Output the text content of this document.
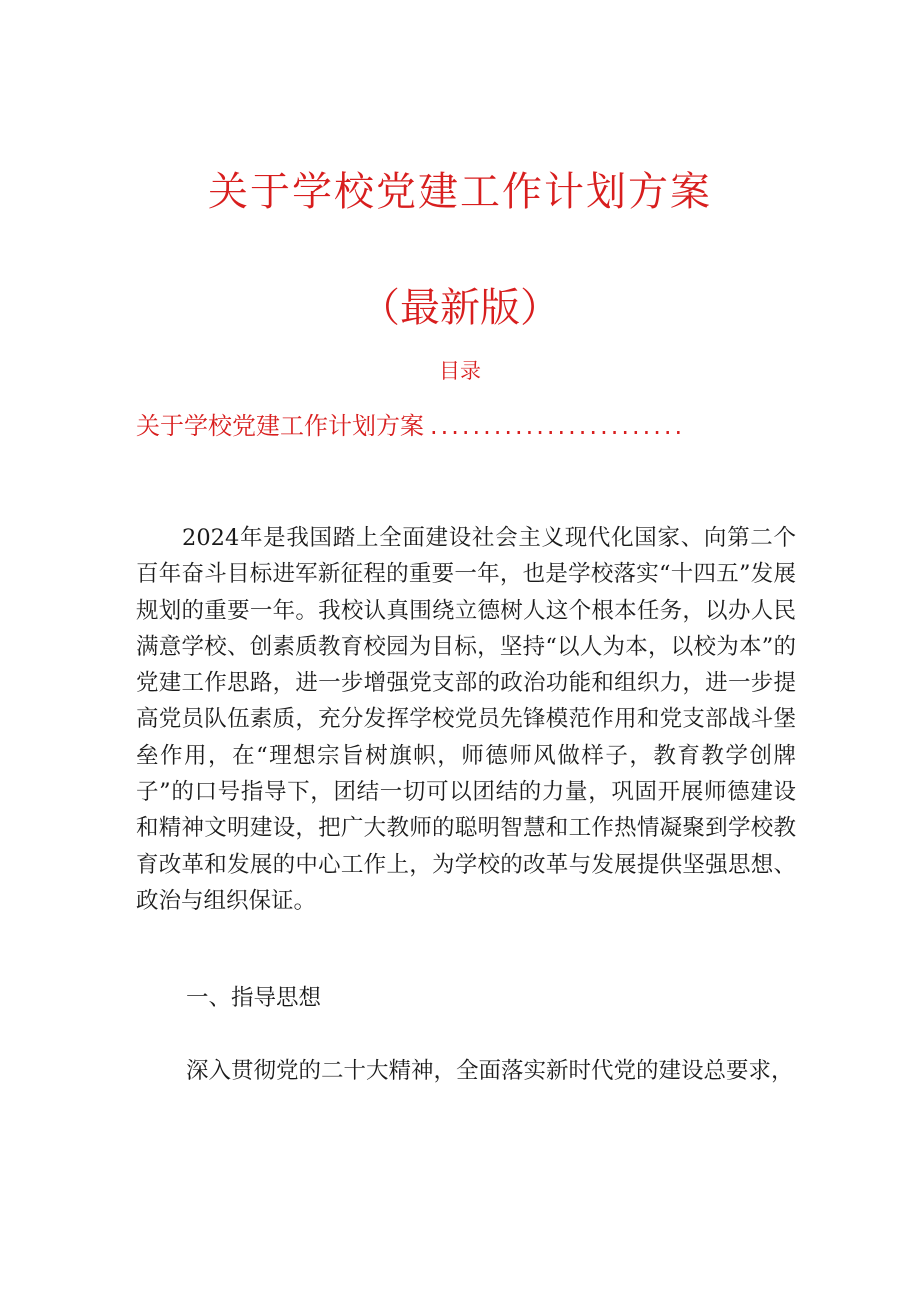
关于学校党建工作计划方案
（最新版）
目录
关于学校党建工作计划方案 ........................

2024年是我国踏上全面建设社会主义现代化国家、向第二个百年奋斗目标进军新征程的重要一年，也是学校落实“十四五”发展规划的重要一年。我校认真围绕立德树人这个根本任务，以办人民满意学校、创素质教育校园为目标，坚持“以人为本，以校为本”的党建工作思路，进一步增强党支部的政治功能和组织力，进一步提高党员队伍素质，充分发挥学校党员先锋模范作用和党支部战斗堡垒作用，在“理想宗旨树旗帜，师德师风做样子，教育教学创牌子”的口号指导下，团结一切可以团结的力量，巩固开展师德建设和精神文明建设，把广大教师的聪明智慧和工作热情凝聚到学校教育改革和发展的中心工作上，为学校的改革与发展提供坚强思想、政治与组织保证。

一、指导思想

深入贯彻党的二十大精神，全面落实新时代党的建设总要求，
